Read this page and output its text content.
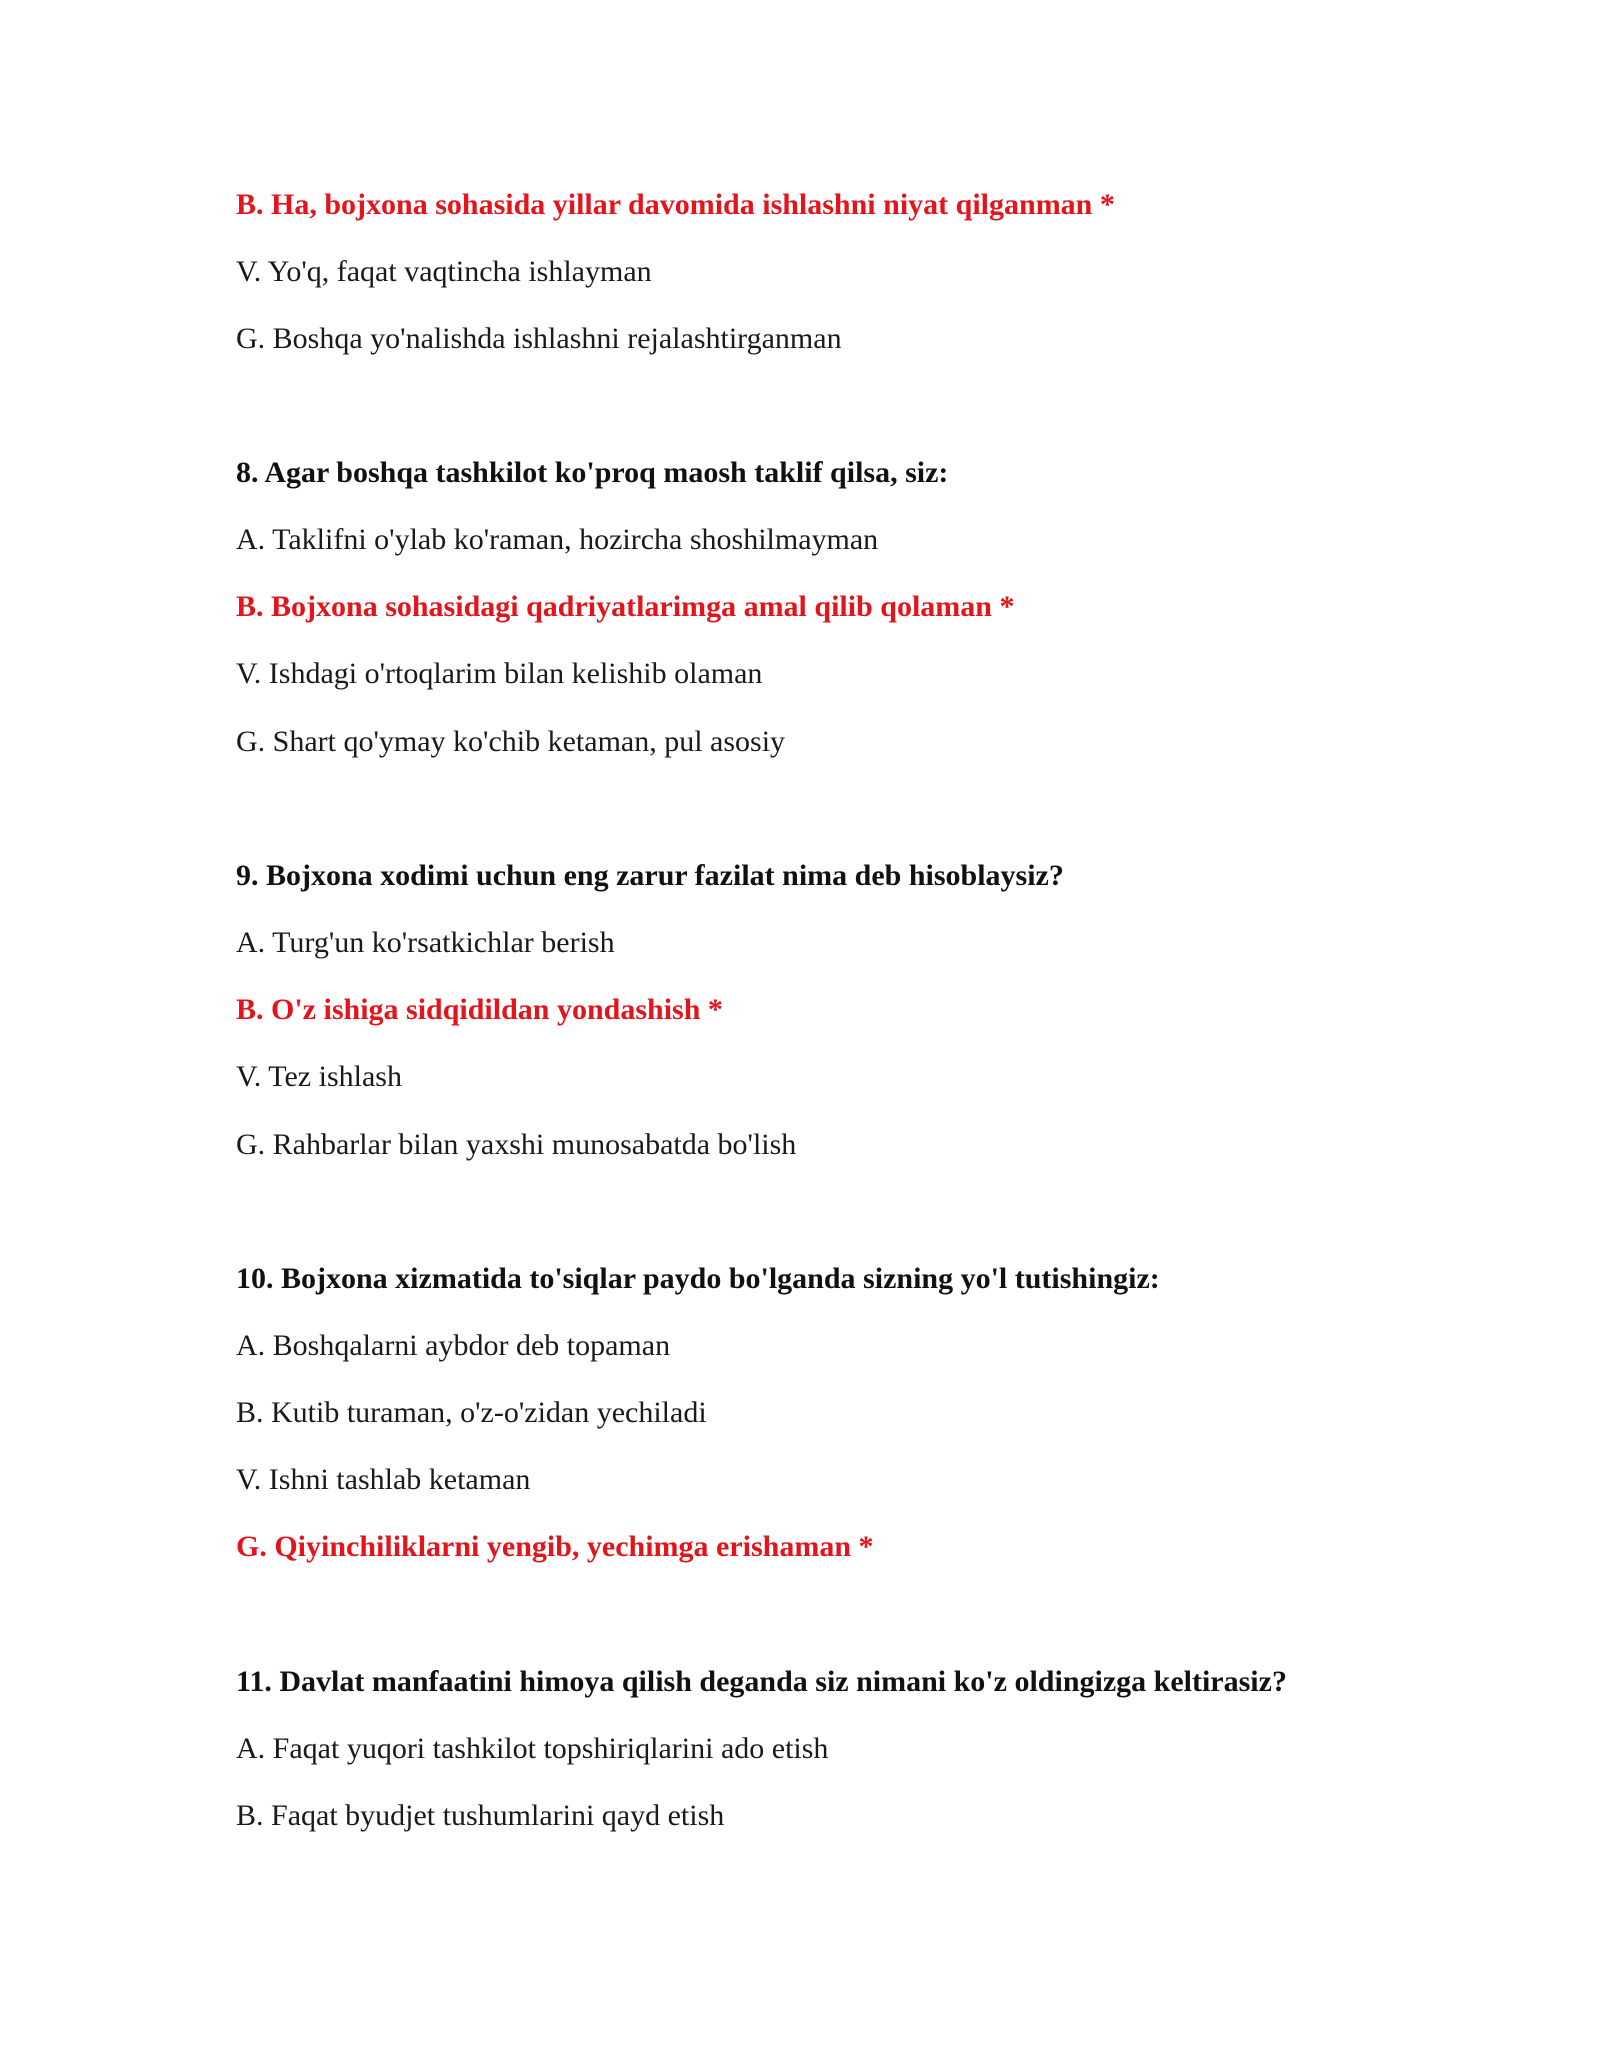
B. Ha, bojxona sohasida yillar davomida ishlashni niyat qilganman *
V. Yo'q, faqat vaqtincha ishlayman
G. Boshqa yo'nalishda ishlashni rejalashtirganman
8. Agar boshqa tashkilot ko'proq maosh taklif qilsa, siz:
A. Taklifni o'ylab ko'raman, hozircha shoshilmayman
B. Bojxona sohasidagi qadriyatlarimga amal qilib qolaman *
V. Ishdagi o'rtoqlarim bilan kelishib olaman
G. Shart qo'ymay ko'chib ketaman, pul asosiy
9. Bojxona xodimi uchun eng zarur fazilat nima deb hisoblaysiz?
A. Turg'un ko'rsatkichlar berish
B. O'z ishiga sidqidildan yondashish *
V. Tez ishlash
G. Rahbarlar bilan yaxshi munosabatda bo'lish
10. Bojxona xizmatida to'siqlar paydo bo'lganda sizning yo'l tutishingiz:
A. Boshqalarni aybdor deb topaman
B. Kutib turaman, o'z-o'zidan yechiladi
V. Ishni tashlab ketaman
G. Qiyinchiliklarni yengib, yechimga erishaman *
11. Davlat manfaatini himoya qilish deganda siz nimani ko'z oldingizga keltirasiz?
A. Faqat yuqori tashkilot topshiriqlarini ado etish
B. Faqat byudjet tushumlarini qayd etish
